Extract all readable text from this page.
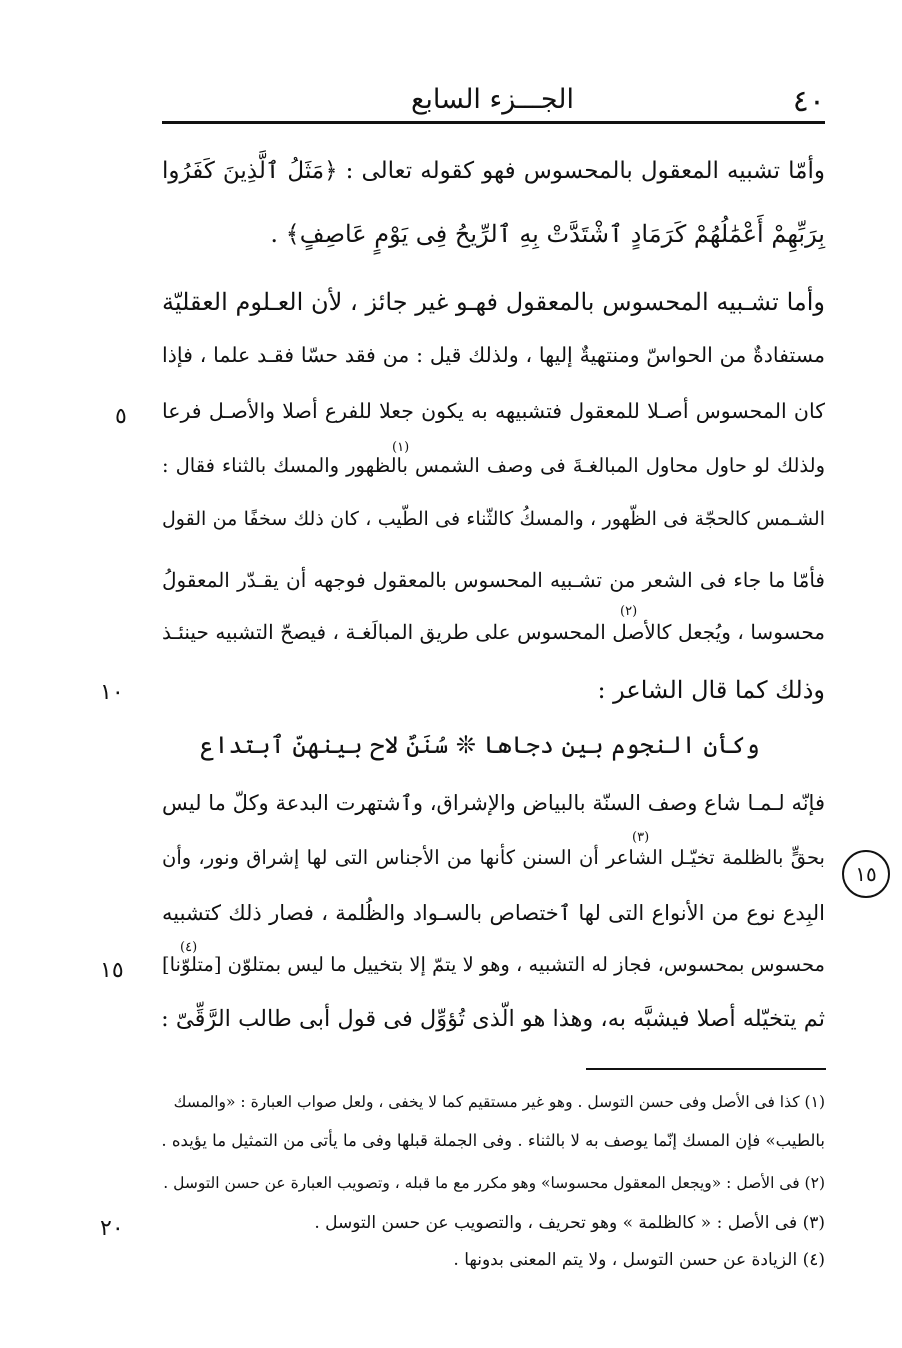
٤٠
الجـــزء السابع
وأمّا تشبيه المعقول بالمحسوس فهو كقوله تعالى : ﴿مَثَلُ ٱلَّذِينَ كَفَرُوا
بِرَبِّهِمْ أَعْمَٰلُهُمْ كَرَمَادٍ ٱشْتَدَّتْ بِهِ ٱلرِّيحُ فِى يَوْمٍ عَاصِفٍ﴾ .
وأما تشـبيه المحسوس بالمعقول فهـو غير جائز ، لأن العـلوم العقليّة
مستفادةٌ من الحواسّ ومنتهيةٌ إليها ، ولذلك قيل : من فقد حسّا فقـد علما ، فإذا
كان المحسوس أصـلا للمعقول فتشبيهه به يكون جعلا للفرع أصلا والأصـل فرعا
ولذلك لو حاول محاول المبالغـةَ فى وصف الشمس بالظهور والمسك بالثناء فقال :
الشـمس كالحجّة فى الظّهور ، والمسكُ كالثّناء فى الطّيب ، كان ذلك سخفًا من القول
فأمّا ما جاء فى الشعر من تشـبيه المحسوس بالمعقول فوجهه أن يقـدّر المعقولُ
محسوسا ، ويُجعل كالأصل المحسوس على طريق المبالَغـة ، فيصحّ التشبيه حينئـذ
وذلك كما قال الشاعر :
وكأن النجوم بين دجاها ❊ سُنَنٌ لاح بينهنّ ٱبتداع
فإنّه لـمـا شاع وصف السنّة بالبياض والإشراق، وٱشتهرت البدعة وكلّ ما ليس
بحقٍّ بالظلمة تخيّـل الشاعر أن السنن كأنها من الأجناس التى لها إشراق ونور، وأن
البِدع نوع من الأنواع التى لها ٱختصاص بالسـواد والظُلمة ، فصار ذلك كتشبيه
محسوس بمحسوس، فجاز له التشبيه ، وهو لا يتمّ إلا بتخييل ما ليس بمتلوّن [متلوّنا]
ثم يتخيّله أصلا فيشبَّه به، وهذا هو الّذى تُؤوِّل فى قول أبى طالب الرَّقِّىّ :
(١)
(٢)
(٣)
(٤)
٥
١٠
١٥
٢٠
١٥
(١) كذا فى الأصل وفى حسن التوسل . وهو غير مستقيم كما لا يخفى ، ولعل صواب العبارة : «والمسك
بالطيب» فإن المسك إنّما يوصف به لا بالثناء . وفى الجملة قبلها وفى ما يأتى من التمثيل ما يؤيده .
(٢) فى الأصل : «ويجعل المعقول محسوسا» وهو مكرر مع ما قبله ، وتصويب العبارة عن حسن التوسل .
(٣) فى الأصل : « كالظلمة » وهو تحريف ، والتصويب عن حسن التوسل .
(٤) الزيادة عن حسن التوسل ، ولا يتم المعنى بدونها .
